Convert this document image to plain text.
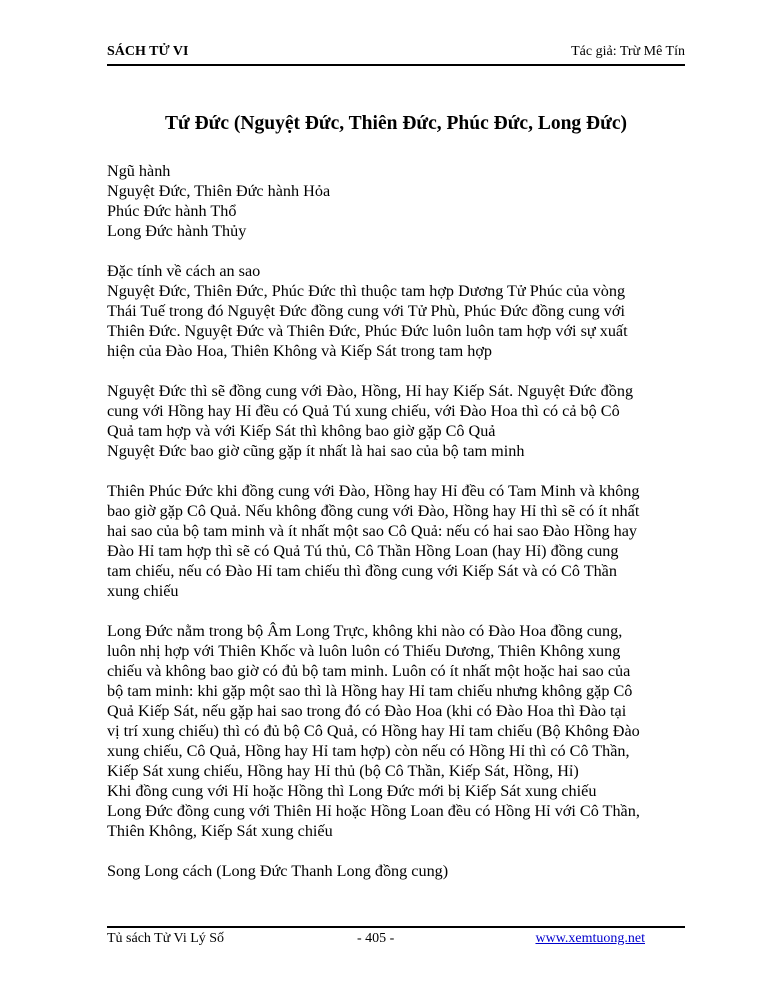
SÁCH TỬ VI	Tác giả: Trừ Mê Tín
Tứ Đức (Nguyệt Đức, Thiên Đức, Phúc Đức, Long Đức)
Ngũ hành
Nguyệt Đức, Thiên Đức hành Hỏa
Phúc Đức hành Thổ
Long Đức hành Thủy
Đặc tính về cách an sao
Nguyệt Đức, Thiên Đức, Phúc Đức thì thuộc tam hợp Dương Tử Phúc của vòng
Thái Tuế trong đó Nguyệt Đức đồng cung với Tử Phù, Phúc Đức đồng cung với
Thiên Đức. Nguyệt Đức và Thiên Đức, Phúc Đức luôn luôn tam hợp với sự xuất
hiện của Đào Hoa, Thiên Không và Kiếp Sát trong tam hợp
Nguyệt Đức thì sẽ đồng cung với Đào, Hồng, Hỉ hay Kiếp Sát. Nguyệt Đức đồng
cung với Hồng hay Hỉ đều có Quả Tú xung chiếu, với Đào Hoa thì có cả bộ Cô
Quả tam hợp và với Kiếp Sát thì không bao giờ gặp Cô Quả
Nguyệt Đức bao giờ cũng gặp ít nhất là hai sao của bộ tam minh
Thiên Phúc Đức khi đồng cung với Đào, Hồng hay Hỉ đều có Tam Minh và không
bao giờ gặp Cô Quả. Nếu không đồng cung với Đào, Hồng hay Hỉ thì sẽ có ít nhất
hai sao của bộ tam minh và ít nhất một sao Cô Quả: nếu có hai sao Đào Hồng hay
Đào Hỉ tam hợp thì sẽ có Quả Tú thủ, Cô Thần Hồng Loan (hay Hỉ) đồng cung
tam chiếu, nếu có Đào Hỉ tam chiếu thì đồng cung với Kiếp Sát và có Cô Thần
xung chiếu
Long Đức nằm trong bộ Âm Long Trực, không khi nào có Đào Hoa đồng cung,
luôn nhị hợp với Thiên Khốc và luôn luôn có Thiếu Dương, Thiên Không xung
chiếu và không bao giờ có đủ bộ tam minh. Luôn có ít nhất một hoặc hai sao của
bộ tam minh: khi gặp một sao thì là Hồng hay Hỉ tam chiếu nhưng không gặp Cô
Quả Kiếp Sát, nếu gặp hai sao trong đó có Đào Hoa (khi có Đào Hoa thì Đào tại
vị trí xung chiếu) thì có đủ bộ Cô Quả, có Hồng hay Hỉ tam chiếu (Bộ Không Đào
xung chiếu, Cô Quả, Hồng hay Hỉ tam hợp) còn nếu có Hồng Hỉ thì có Cô Thần,
Kiếp Sát xung chiếu, Hồng hay Hỉ thủ (bộ Cô Thần, Kiếp Sát, Hồng, Hỉ)
Khi đồng cung với Hỉ hoặc Hồng thì Long Đức mới bị Kiếp Sát xung chiếu
Long Đức đồng cung với Thiên Hỉ hoặc Hồng Loan đều có Hồng Hỉ với Cô Thần,
Thiên Không, Kiếp Sát xung chiếu
Song Long cách (Long Đức Thanh Long đồng cung)
Tủ sách Tử Vi Lý Số	- 405 -	www.xemtuong.net
